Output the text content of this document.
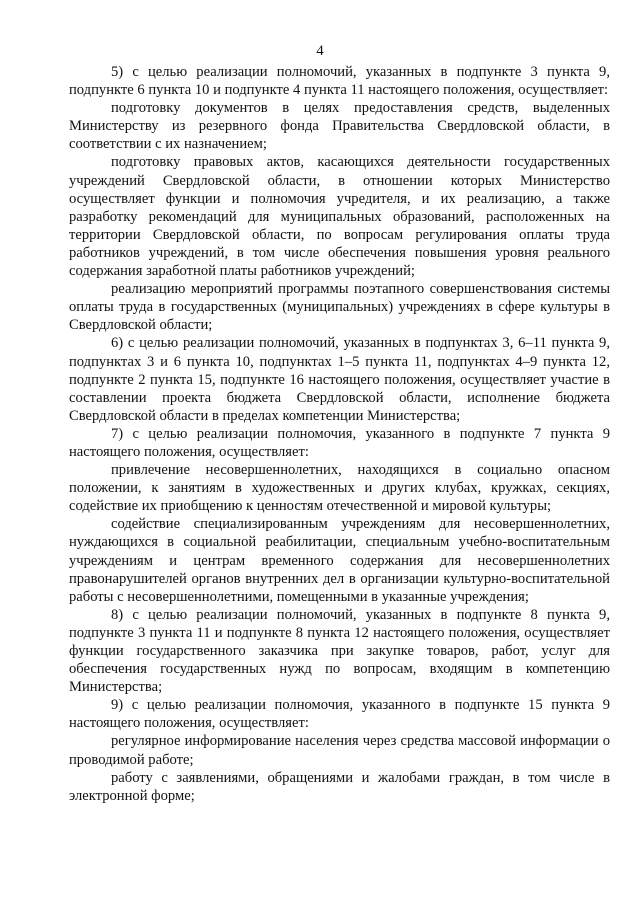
4

5) с целью реализации полномочий, указанных в подпункте 3 пункта 9, подпункте 6 пункта 10 и подпункте 4 пункта 11 настоящего положения, осуществляет:

подготовку документов в целях предоставления средств, выделенных Министерству из резервного фонда Правительства Свердловской области, в соответствии с их назначением;

подготовку правовых актов, касающихся деятельности государственных учреждений Свердловской области, в отношении которых Министерство осуществляет функции и полномочия учредителя, и их реализацию, а также разработку рекомендаций для муниципальных образований, расположенных на территории Свердловской области, по вопросам регулирования оплаты труда работников учреждений, в том числе обеспечения повышения уровня реального содержания заработной платы работников учреждений;

реализацию мероприятий программы поэтапного совершенствования системы оплаты труда в государственных (муниципальных) учреждениях в сфере культуры в Свердловской области;

6) с целью реализации полномочий, указанных в подпунктах 3, 6–11 пункта 9, подпунктах 3 и 6 пункта 10, подпунктах 1–5 пункта 11, подпунктах 4–9 пункта 12, подпункте 2 пункта 15, подпункте 16 настоящего положения, осуществляет участие в составлении проекта бюджета Свердловской области, исполнение бюджета Свердловской области в пределах компетенции Министерства;

7) с целью реализации полномочия, указанного в подпункте 7 пункта 9 настоящего положения, осуществляет:

привлечение несовершеннолетних, находящихся в социально опасном положении, к занятиям в художественных и других клубах, кружках, секциях, содействие их приобщению к ценностям отечественной и мировой культуры;

содействие специализированным учреждениям для несовершеннолетних, нуждающихся в социальной реабилитации, специальным учебно-воспитательным учреждениям и центрам временного содержания для несовершеннолетних правонарушителей органов внутренних дел в организации культурно-воспитательной работы с несовершеннолетними, помещенными в указанные учреждения;

8) с целью реализации полномочий, указанных в подпункте 8 пункта 9, подпункте 3 пункта 11 и подпункте 8 пункта 12 настоящего положения, осуществляет функции государственного заказчика при закупке товаров, работ, услуг для обеспечения государственных нужд по вопросам, входящим в компетенцию Министерства;

9) с целью реализации полномочия, указанного в подпункте 15 пункта 9 настоящего положения, осуществляет:

регулярное информирование населения через средства массовой информации о проводимой работе;

работу с заявлениями, обращениями и жалобами граждан, в том числе в электронной форме;
